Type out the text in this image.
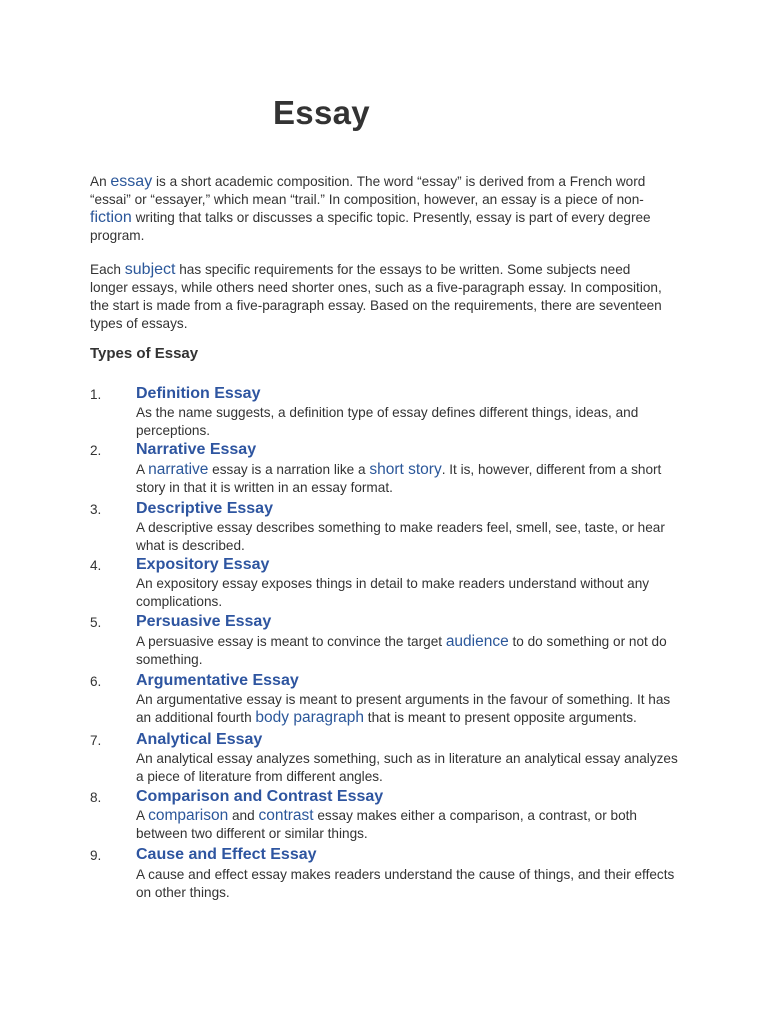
Essay

An essay is a short academic composition. The word “essay” is derived from a French word “essai” or “essayer,” which mean “trail.” In composition, however, an essay is a piece of non-fiction writing that talks or discusses a specific topic. Presently, essay is part of every degree program.

Each subject has specific requirements for the essays to be written. Some subjects need longer essays, while others need shorter ones, such as a five-paragraph essay. In composition, the start is made from a five-paragraph essay. Based on the requirements, there are seventeen types of essays.

Types of Essay
1. Definition Essay

As the name suggests, a definition type of essay defines different things, ideas, and perceptions.

2. Narrative Essay

A narrative essay is a narration like a short story. It is, however, different from a short story in that it is written in an essay format.

3. Descriptive Essay

A descriptive essay describes something to make readers feel, smell, see, taste, or hear what is described.

4. Expository Essay

An expository essay exposes things in detail to make readers understand without any complications.

5. Persuasive Essay

A persuasive essay is meant to convince the target audience to do something or not do something.

6. Argumentative Essay

An argumentative essay is meant to present arguments in the favour of something. It has an additional fourth body paragraph that is meant to present opposite arguments.

7. Analytical Essay

An analytical essay analyzes something, such as in literature an analytical essay analyzes a piece of literature from different angles.

8. Comparison and Contrast Essay

A comparison and contrast essay makes either a comparison, a contrast, or both between two different or similar things.

9. Cause and Effect Essay

A cause and effect essay makes readers understand the cause of things, and their effects on other things.
